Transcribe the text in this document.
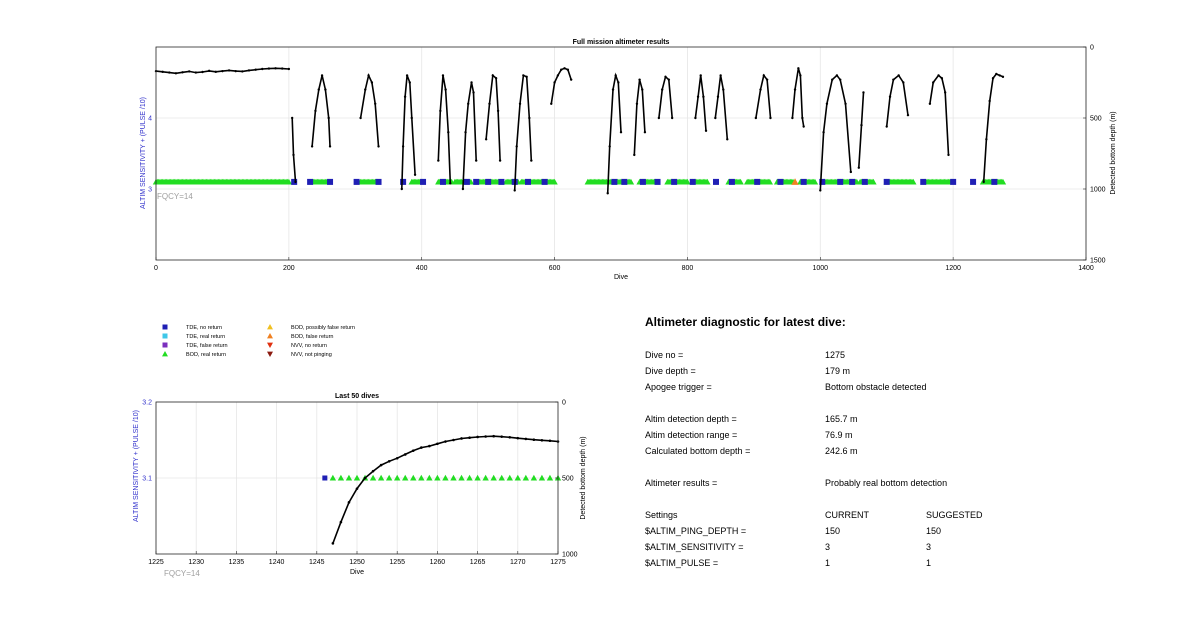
0	200	400	600	800	1000	1200	1400
4
3
0
500
1000
1500
Full mission altimeter results
Dive
ALTIM SENSITIVITY + (PULSE /10)	Detected bottom depth (m)
FQCY=14
TDE, no return
TDE, real return
TDE, false return
BOD, real return
BOD, possibly false return
BOD, false return
NVV, no return
NVV, not pinging
1225	1230	1235	1240	1245	1250	1255	1260	1265	1270	1275
3.2
3.1
0
500
1000
Last 50 dives
Dive
ALTIM SENSITIVITY + (PULSE /10)	Detected bottom depth (m)
FQCY=14
Altimeter diagnostic for latest dive:
Dive no =	1275
Dive depth =	179 m
Apogee trigger =	Bottom obstacle detected
Altim detection depth =	165.7 m
Altim detection range =	76.9 m
Calculated bottom depth =	242.6 m
Altimeter results =	Probably real bottom detection
Settings	CURRENT	SUGGESTED
$ALTIM_PING_DEPTH =	150	150
$ALTIM_SENSITIVITY =	3	3
$ALTIM_PULSE =	1	1
